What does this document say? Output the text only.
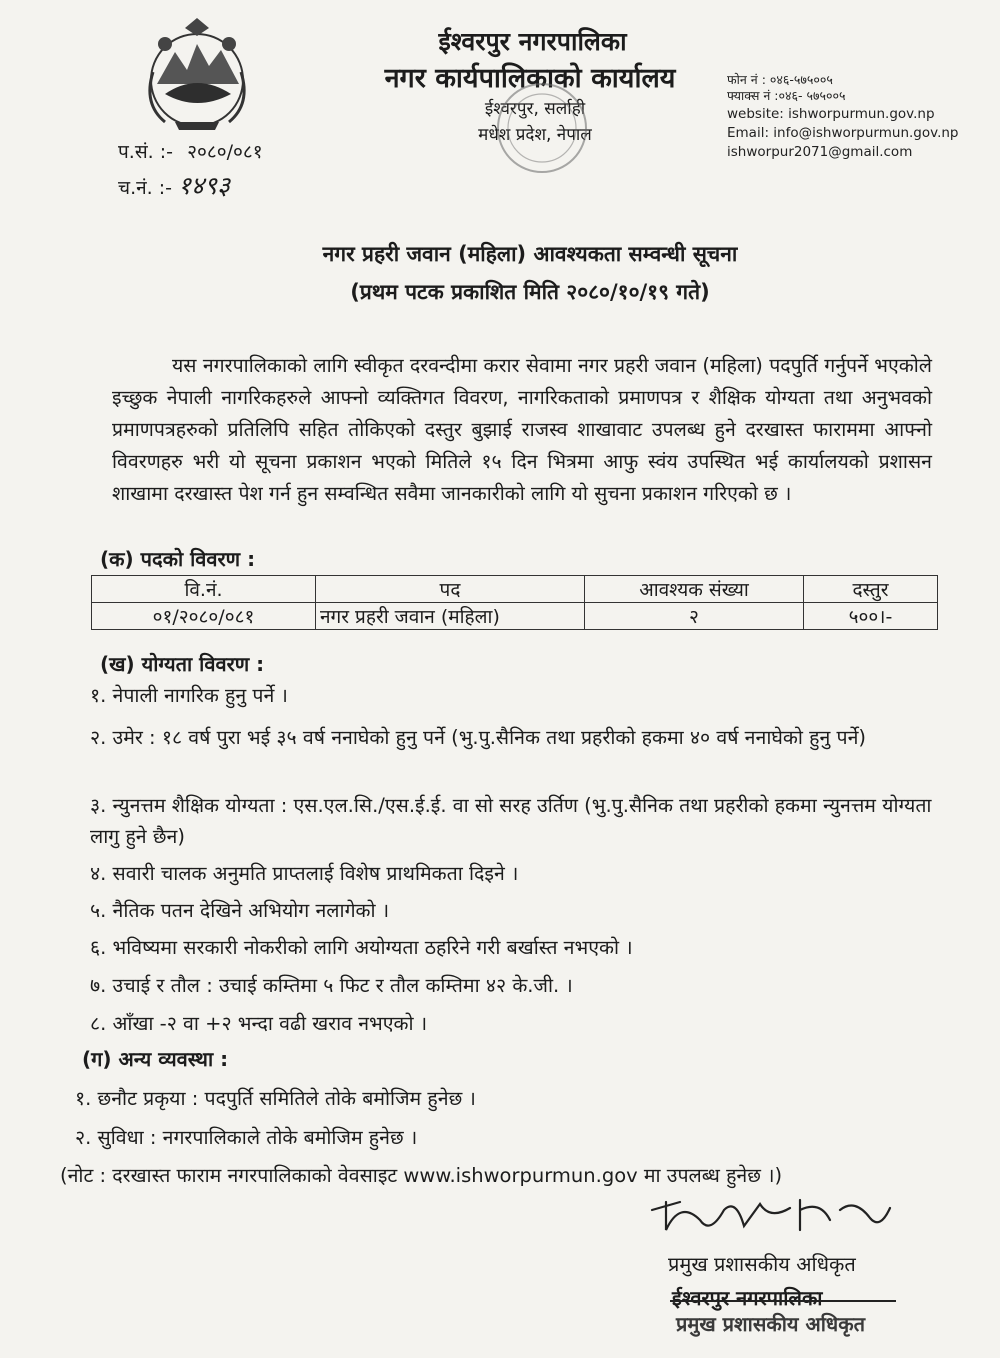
ईश्वरपुर नगरपालिका
नगर कार्यपालिकाको कार्यालय
ईश्वरपुर, सर्लाही
मधेश प्रदेश, नेपाल
फोन नं : ०४६-५७५००५
फ्याक्स नं :०४६- ५७५००५
website: ishworpurmun.gov.np
Email: info@ishworpurmun.gov.np
ishworpur2071@gmail.com
प.सं. :- २०८०/०८१
च.नं. :- १४९३
नगर प्रहरी जवान (महिला) आवश्यकता सम्वन्धी सूचना
(प्रथम पटक प्रकाशित मिति २०८०/१०/१९ गते)
यस नगरपालिकाको लागि स्वीकृत दरवन्दीमा करार सेवामा नगर प्रहरी जवान (महिला) पदपुर्ति गर्नुपर्ने भएकोले इच्छुक नेपाली नागरिकहरुले आफ्नो व्यक्तिगत विवरण, नागरिकताको प्रमाणपत्र र शैक्षिक योग्यता तथा अनुभवको प्रमाणपत्रहरुको प्रतिलिपि सहित तोकिएको दस्तुर बुझाई राजस्व शाखावाट उपलब्ध हुने दरखास्त फाराममा आफ्नो विवरणहरु भरी यो सूचना प्रकाशन भएको मितिले १५ दिन भित्रमा आफु स्वंय उपस्थित भई कार्यालयको प्रशासन शाखामा दरखास्त पेश गर्न हुन सम्वन्धित सवैमा जानकारीको लागि यो सुचना प्रकाशन गरिएको छ ।
(क) पदको विवरण :
वि.नं.	पद	आवश्यक संख्या	दस्तुर
०१/२०८०/०८१	नगर प्रहरी जवान (महिला)	२	५००।-
(ख) योग्यता विवरण :
१. नेपाली नागरिक हुनु पर्ने ।
२. उमेर : १८ वर्ष पुरा भई ३५ वर्ष ननाघेको हुनु पर्ने (भु.पु.सैनिक तथा प्रहरीको हकमा ४० वर्ष ननाघेको हुनु पर्ने)
३. न्युनत्तम शैक्षिक योग्यता : एस.एल.सि./एस.ई.ई. वा सो सरह उर्तिण (भु.पु.सैनिक तथा प्रहरीको हकमा न्युनत्तम योग्यता लागु हुने छैन)
४. सवारी चालक अनुमति प्राप्तलाई विशेष प्राथमिकता दिइने ।
५. नैतिक पतन देखिने अभियोग नलागेको ।
६. भविष्यमा सरकारी नोकरीको लागि अयोग्यता ठहरिने गरी बर्खास्त नभएको ।
७. उचाई र तौल : उचाई कम्तिमा ५ फिट र तौल कम्तिमा ४२ के.जी. ।
८. आँखा -२ वा +२ भन्दा वढी खराव नभएको ।
(ग) अन्य व्यवस्था :
१. छनौट प्रकृया : पदपुर्ति समितिले तोके बमोजिम हुनेछ ।
२. सुविधा : नगरपालिकाले तोके बमोजिम हुनेछ ।
(नोट : दरखास्त फाराम नगरपालिकाको वेवसाइट www.ishworpurmun.gov मा उपलब्ध हुनेछ ।)
प्रमुख प्रशासकीय अधिकृत
ईश्वरपुर नगरपालिका
प्रमुख प्रशासकीय अधिकृत
